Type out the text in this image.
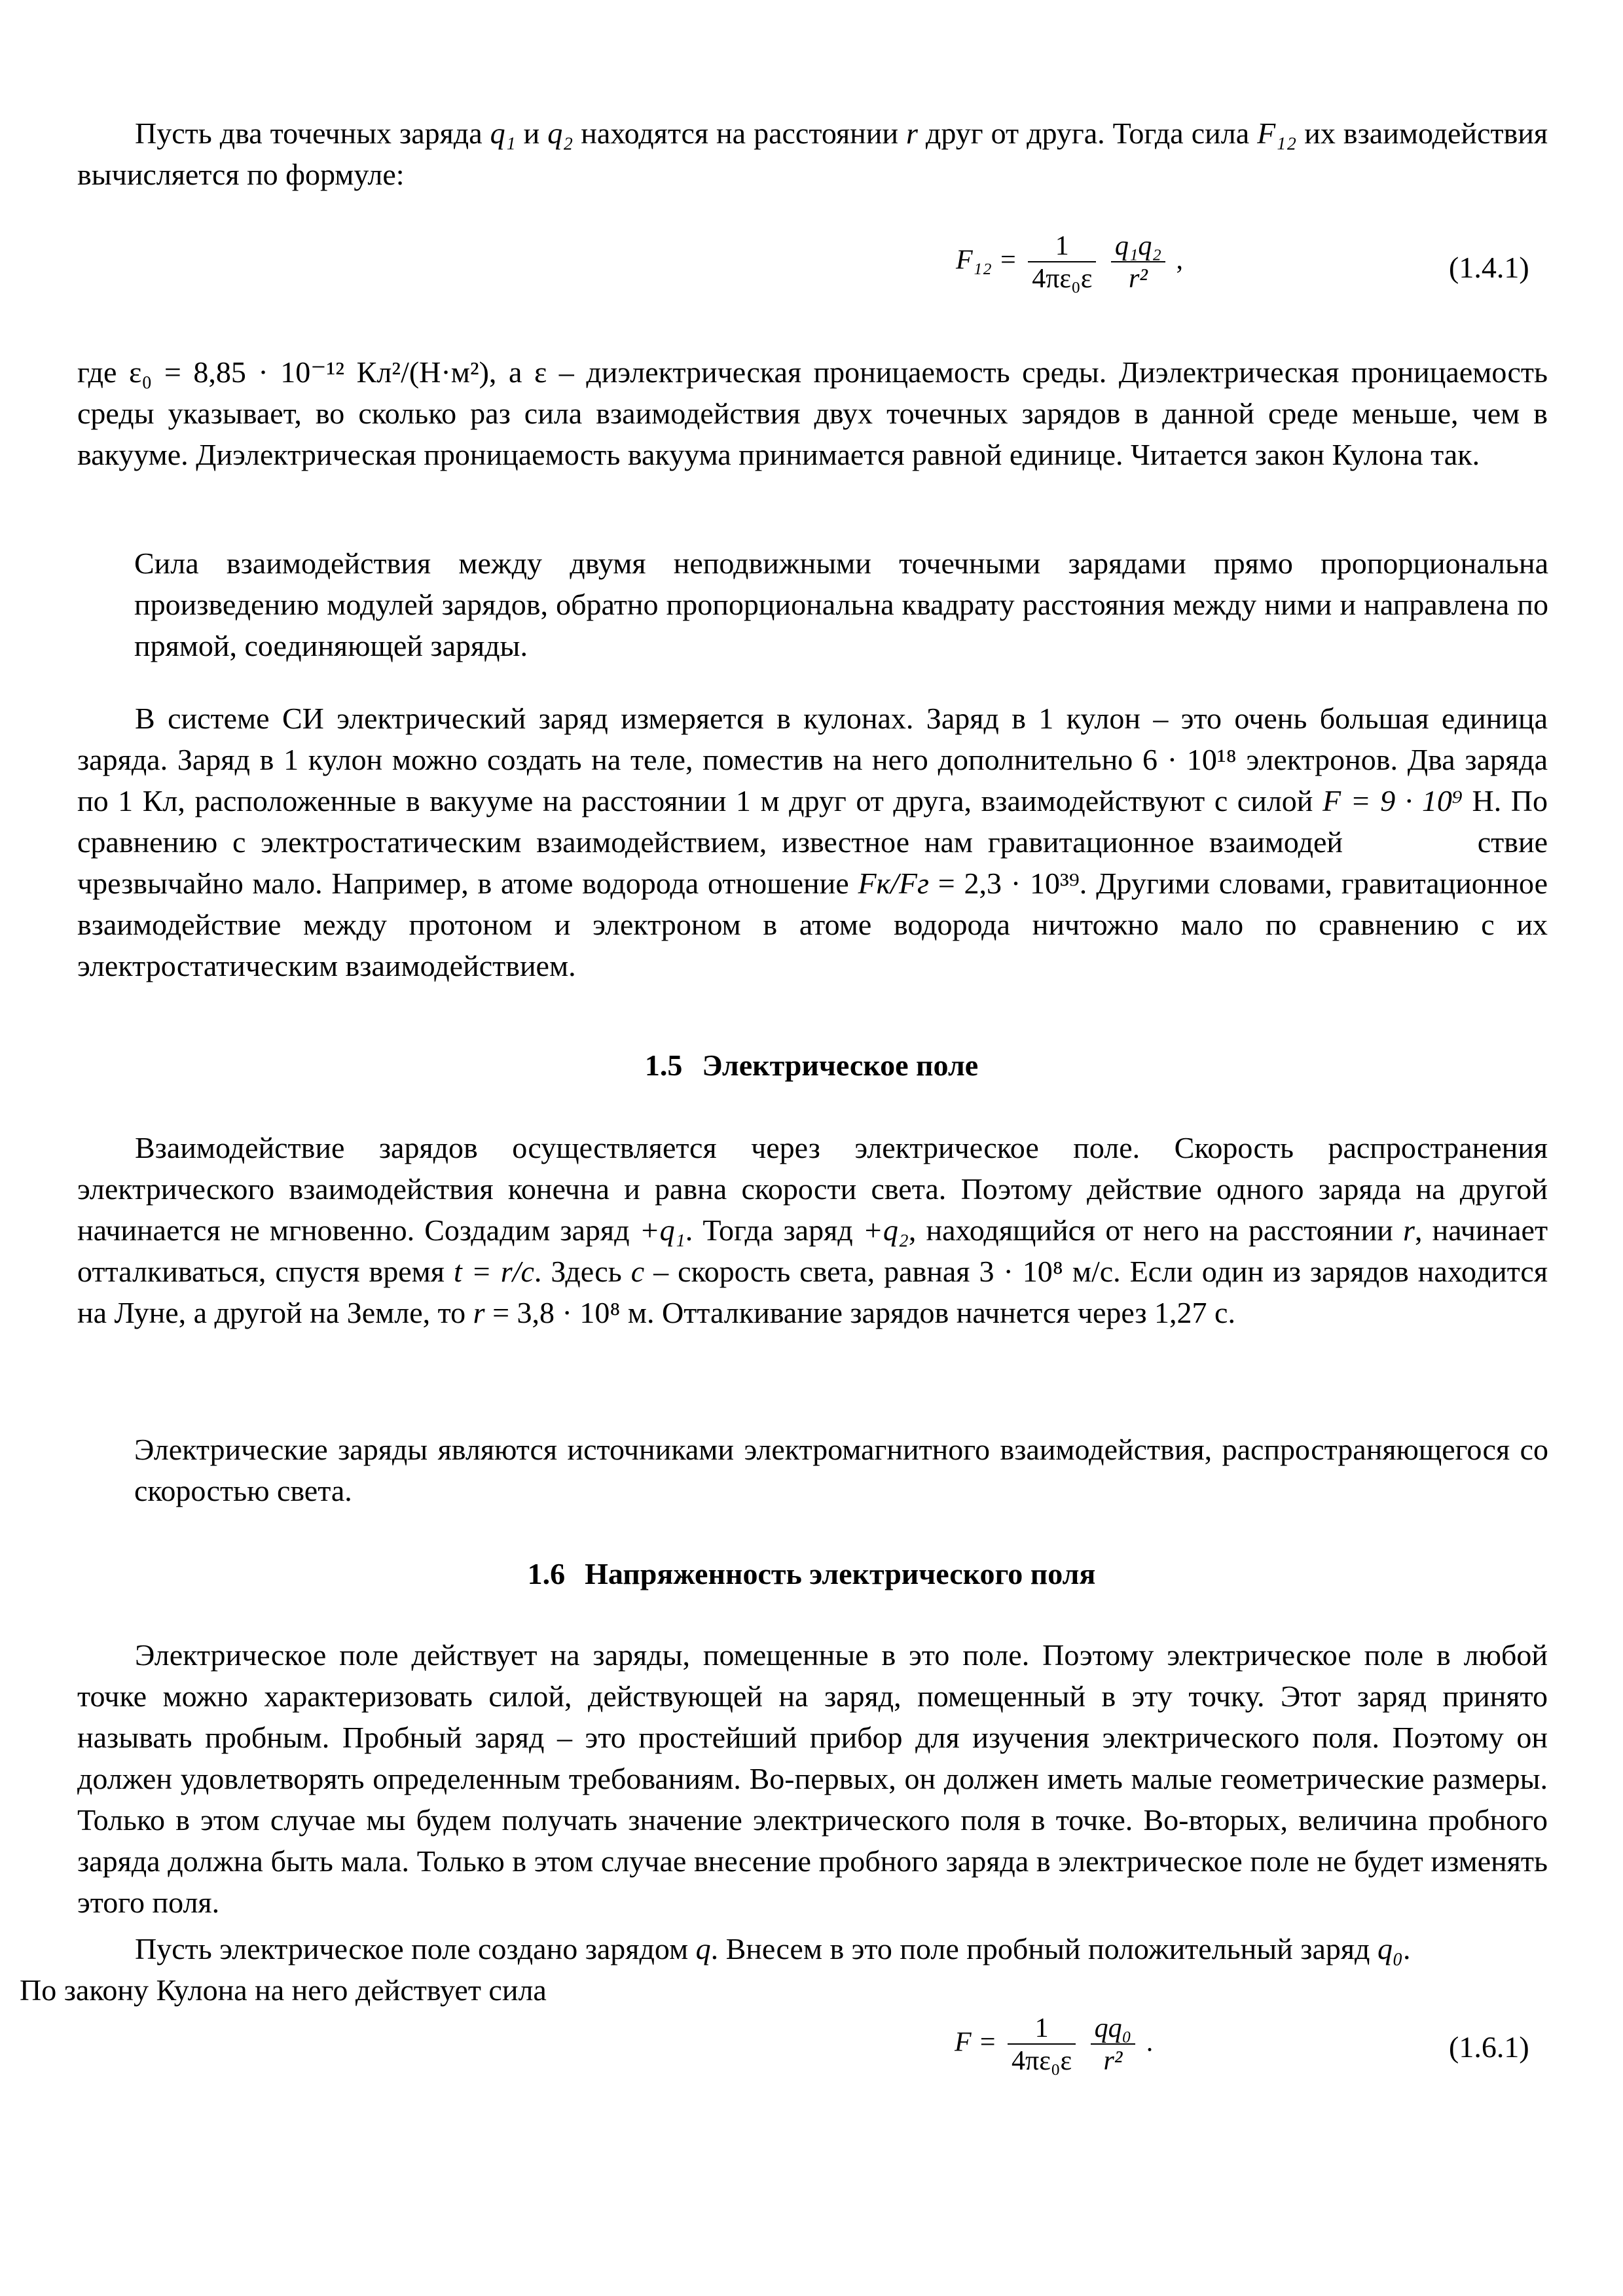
Пусть два точечных заряда q₁ и q₂ находятся на расстоянии r друг от друга. Тогда сила F₁₂ их взаимодействия вычисляется по формуле:

$F_{12} = \frac{1}{\text{4πε₀ε}}$
$\frac{\text{q₁q₂}}{\text{r²}}$ ,	(1.4.1)

где ε₀ = 8,85 · 10⁻¹² Кл²/(Н·м²), а ε – диэлектрическая проницаемость среды. Диэлектрическая проницаемость среды указывает, во сколько раз сила взаимодействия двух точечных зарядов в данной среде меньше, чем в вакууме. Диэлектрическая проницаемость вакуума принимается равной единице. Читается закон Кулона так.

Сила взаимодействия между двумя неподвижными точечными зарядами прямо пропорциональна произведению модулей зарядов, обратно пропорциональна квадрату расстояния между ними и направлена по прямой, соединяющей заряды.

В системе СИ электрический заряд измеряется в кулонах. Заряд в 1 кулон – это очень большая единица заряда. Заряд в 1 кулон можно создать на теле, поместив на него дополнительно 6 · 10¹⁸ электронов. Два заряда по 1 Кл, расположенные в вакууме на расстоянии 1 м друг от друга, взаимодействуют с силой F = 9 · 10⁹ Н. По сравнению с электростатическим взаимодействием, известное нам гравитационное взаимодей	ствие чрезвычайно мало. Например, в атоме водорода отношение Fк/Fг = 2,3 · 10³⁹. Другими словами, гравитационное взаимодействие между протоном и электроном в атоме водорода ничтожно мало по сравнению с их электростатическим взаимодействием.

1.5 Электрическое поле

Взаимодействие зарядов осуществляется через электрическое поле. Скорость распространения электрического взаимодействия конечна и равна скорости света. Поэтому действие одного заряда на другой начинается не мгновенно. Создадим заряд +q₁. Тогда заряд +q₂, находящийся от него на расстоянии r, начинает отталкиваться, спустя время t = r/c. Здесь c – скорость света, равная 3 · 10⁸ м/с. Если один из зарядов находится на Луне, а другой на Земле, то r = 3,8 · 10⁸ м. Отталкивание зарядов начнется через 1,27 с.

Электрические заряды являются источниками электромагнитного взаимодействия, распространяющегося со скоростью света.

1.6 Напряженность электрического поля

Электрическое поле действует на заряды, помещенные в это поле. Поэтому электрическое поле в любой точке можно характеризовать силой, действующей на заряд, помещенный в эту точку. Этот заряд принято называть пробным. Пробный заряд – это простейший прибор для изучения электрического поля. Поэтому он должен удовлетворять определенным требованиям. Во-первых, он должен иметь малые геометрические размеры. Только в этом случае мы будем получать значение электрического поля в точке. Во-вторых, величина пробного заряда должна быть мала. Только в этом случае внесение пробного заряда в электрическое поле не будет изменять этого поля.

Пусть электрическое поле создано зарядом q. Внесем в это поле пробный положительный заряд q₀.
По закону Кулона на него действует сила

$F = \frac{1}{\text{4πε₀ε}}$
$\frac{\text{qq₀}}{\text{r²}}$ .	(1.6.1)
